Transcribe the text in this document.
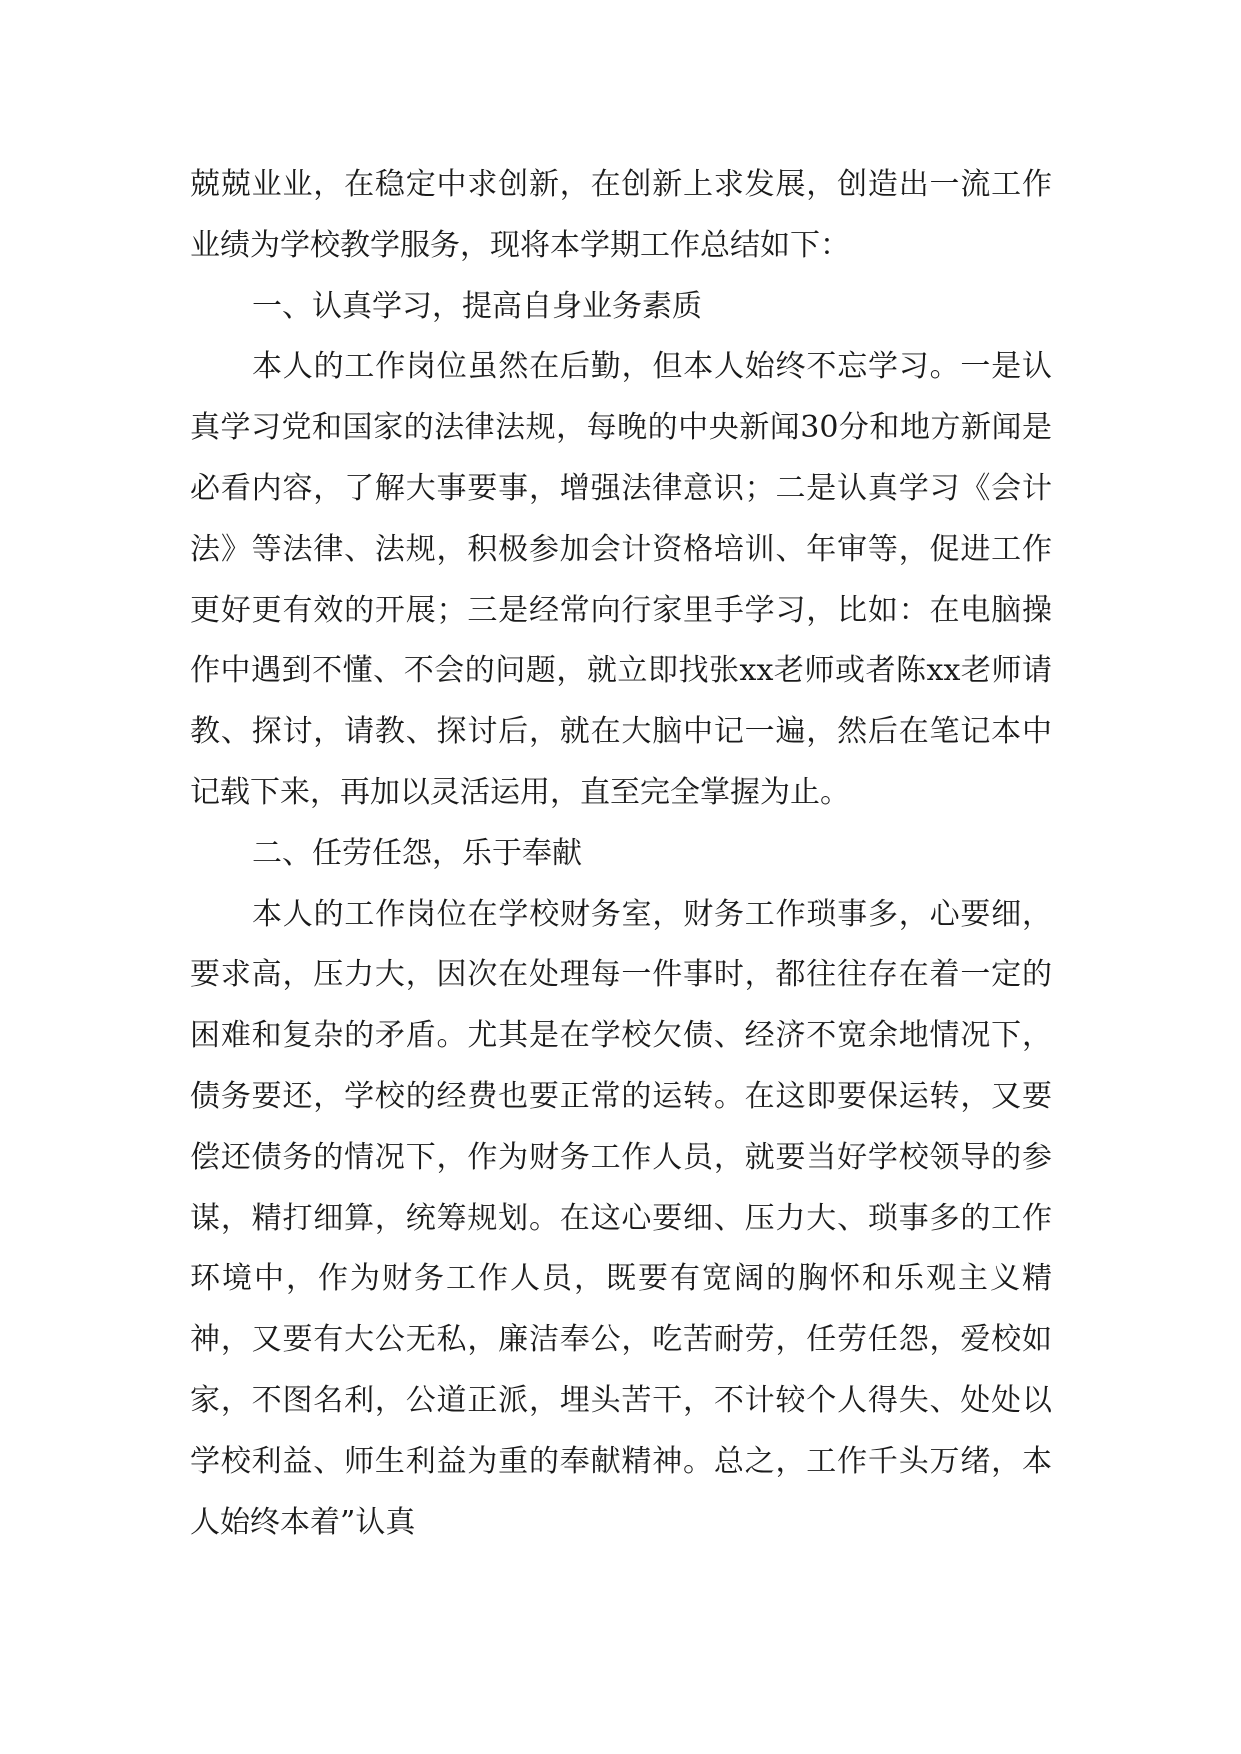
兢兢业业，在稳定中求创新，在创新上求发展，创造出一流工作业绩为学校教学服务，现将本学期工作总结如下：

一、认真学习，提高自身业务素质

本人的工作岗位虽然在后勤，但本人始终不忘学习。一是认真学习党和国家的法律法规，每晚的中央新闻30分和地方新闻是必看内容，了解大事要事，增强法律意识；二是认真学习《会计法》等法律、法规，积极参加会计资格培训、年审等，促进工作更好更有效的开展；三是经常向行家里手学习，比如：在电脑操作中遇到不懂、不会的问题，就立即找张xx老师或者陈xx老师请教、探讨，请教、探讨后，就在大脑中记一遍，然后在笔记本中记载下来，再加以灵活运用，直至完全掌握为止。

二、任劳任怨，乐于奉献

本人的工作岗位在学校财务室，财务工作琐事多，心要细，要求高，压力大，因次在处理每一件事时，都往往存在着一定的困难和复杂的矛盾。尤其是在学校欠债、经济不宽余地情况下，债务要还，学校的经费也要正常的运转。在这即要保运转，又要偿还债务的情况下，作为财务工作人员，就要当好学校领导的参谋，精打细算，统筹规划。在这心要细、压力大、琐事多的工作环境中，作为财务工作人员，既要有宽阔的胸怀和乐观主义精神，又要有大公无私，廉洁奉公，吃苦耐劳，任劳任怨，爱校如家，不图名利，公道正派，埋头苦干，不计较个人得失、处处以学校利益、师生利益为重的奉献精神。总之，工作千头万绪，本人始终本着”认真
